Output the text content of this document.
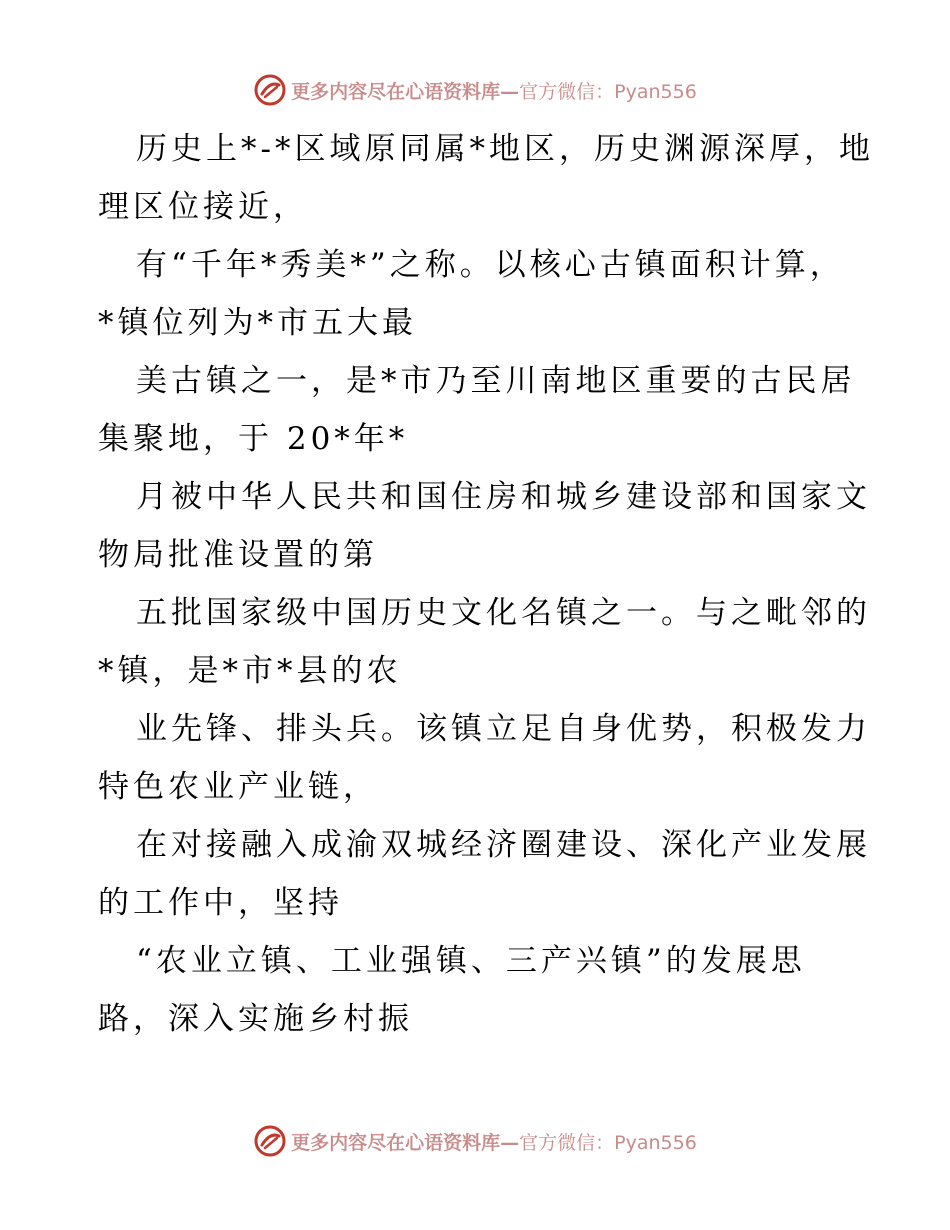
更多内容尽在心语资料库—官方微信：Pyan556
历史上*-*区域原同属*地区，历史渊源深厚，地
理区位接近，
有“千年*秀美*”之称。以核心古镇面积计算，
*镇位列为*市五大最
美古镇之一，是*市乃至川南地区重要的古民居
集聚地，于 20*年*
月被中华人民共和国住房和城乡建设部和国家文
物局批准设置的第
五批国家级中国历史文化名镇之一。与之毗邻的
*镇，是*市*县的农
业先锋、排头兵。该镇立足自身优势，积极发力
特色农业产业链，
在对接融入成渝双城经济圈建设、深化产业发展
的工作中，坚持
“农业立镇、工业强镇、三产兴镇”的发展思
路，深入实施乡村振
更多内容尽在心语资料库—官方微信：Pyan556
